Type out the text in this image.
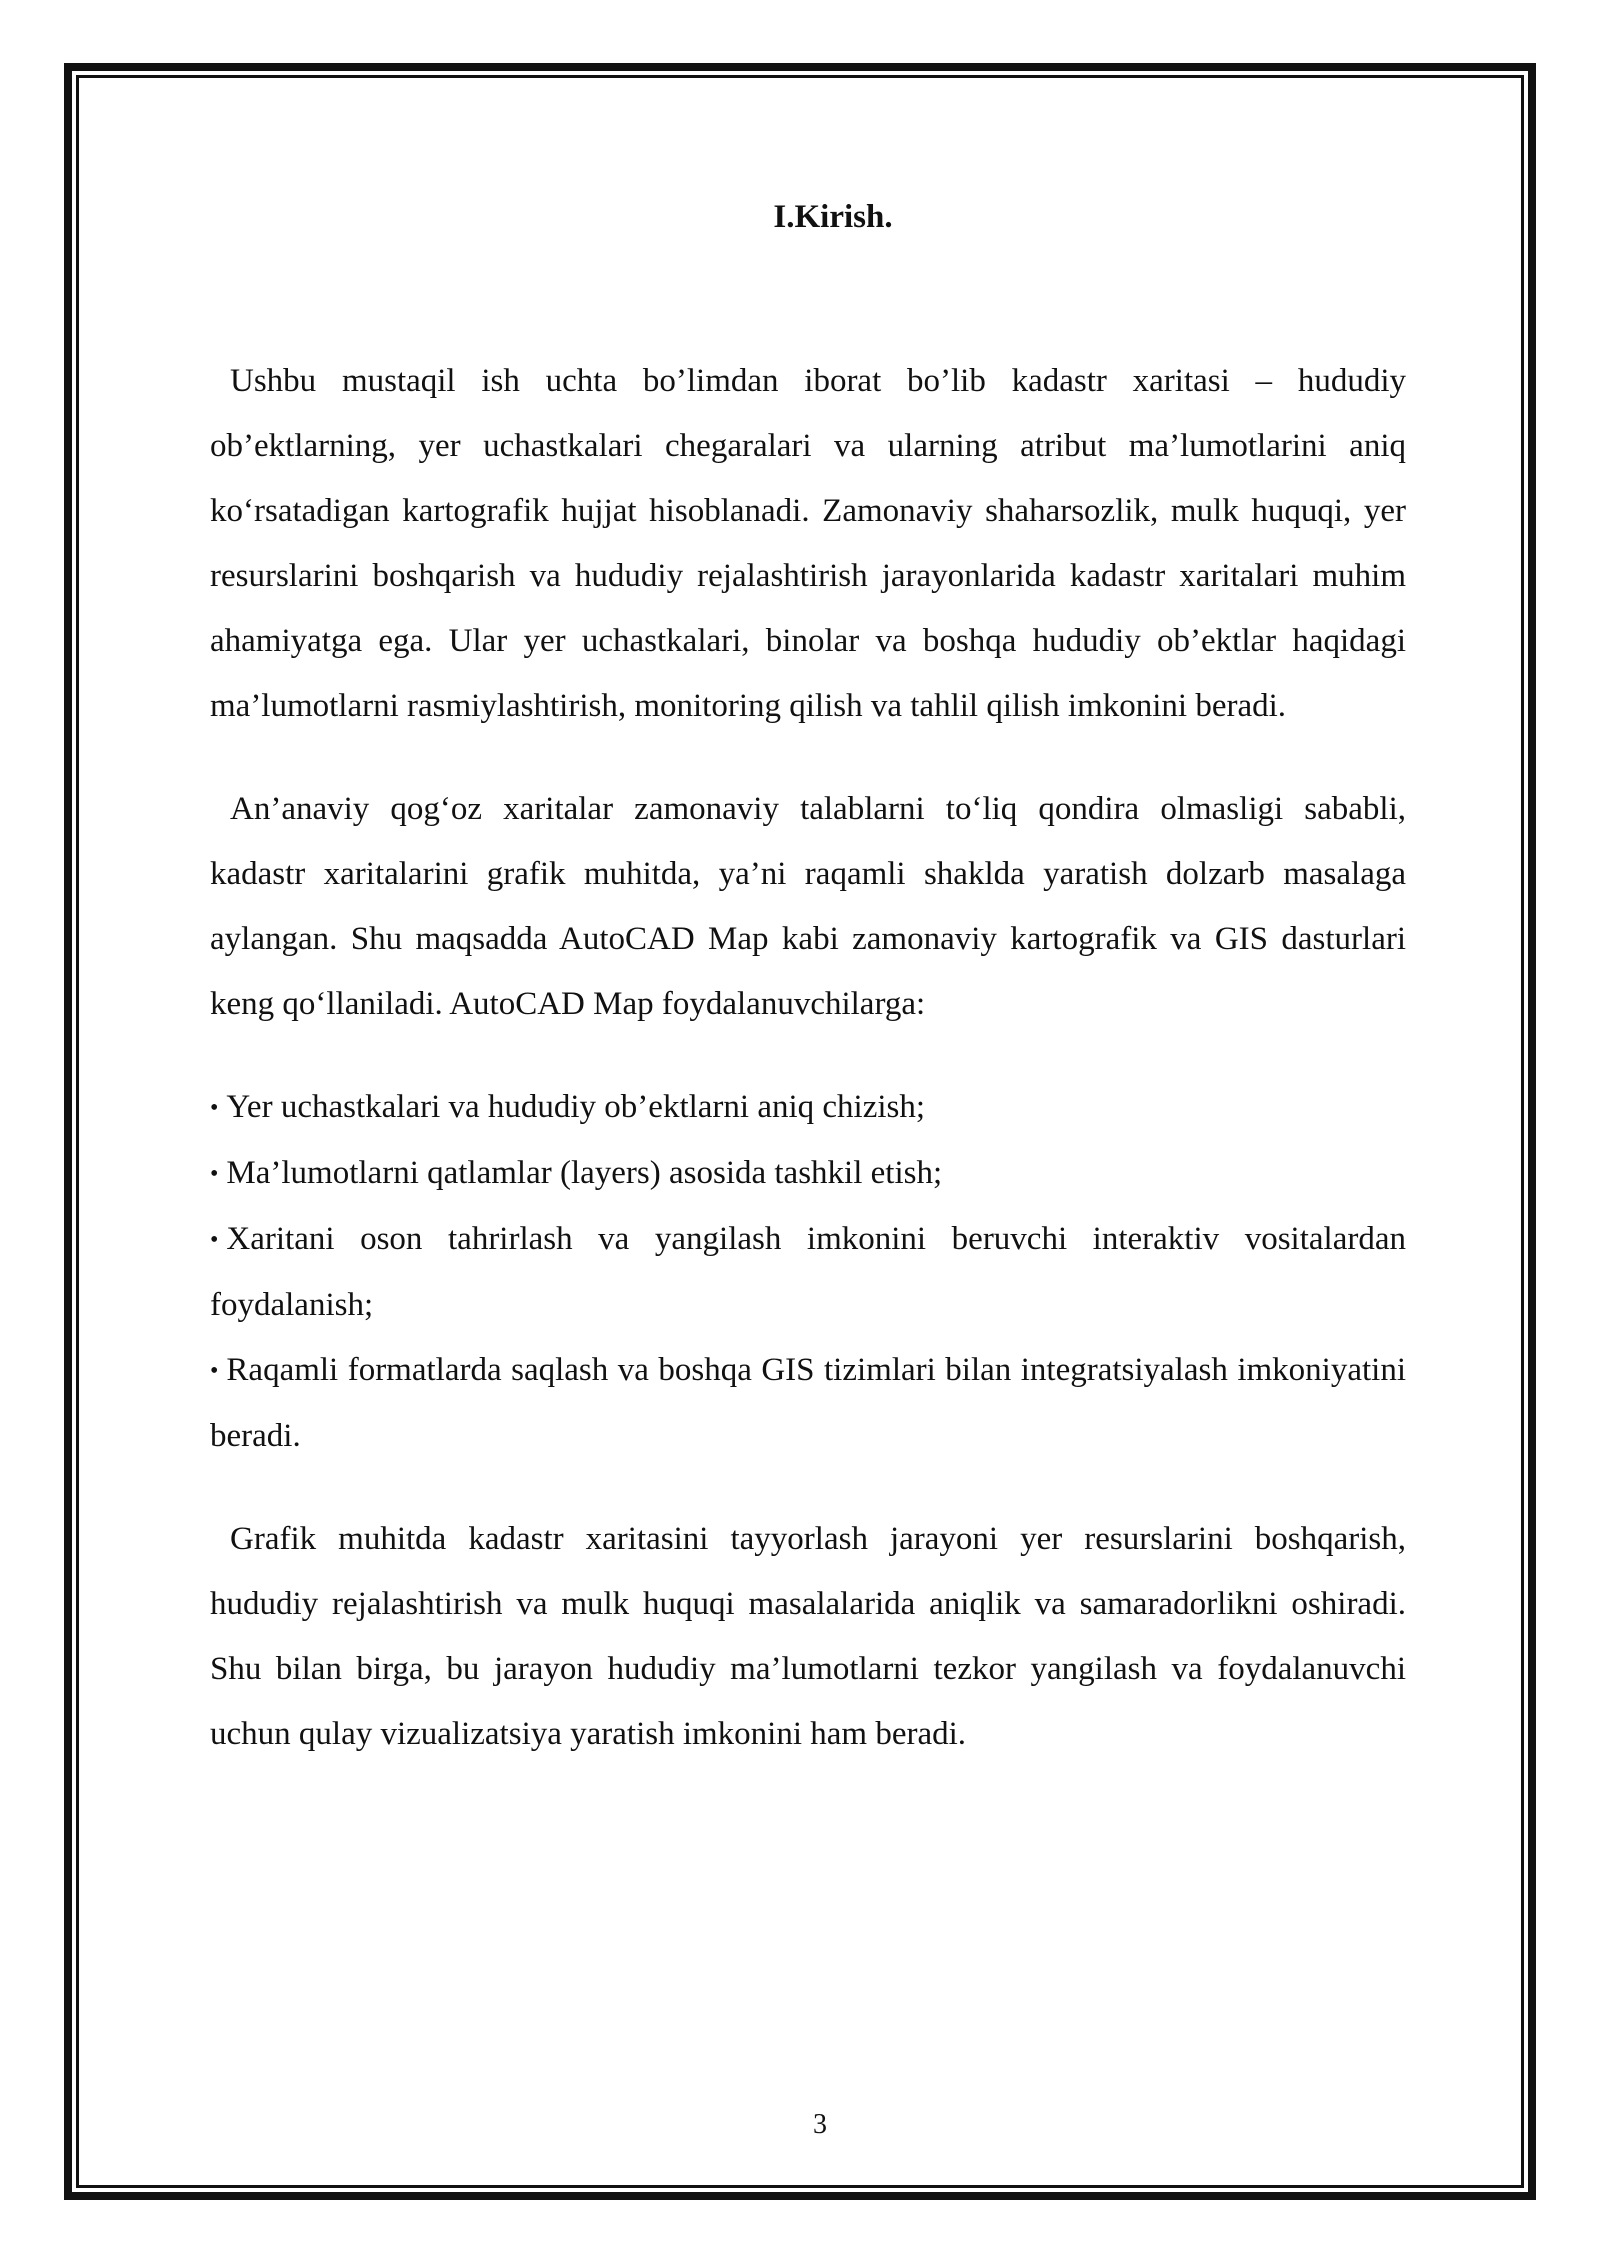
I.Kirish.

Ushbu mustaqil ish uchta bo’limdan iborat bo’lib kadastr xaritasi – hududiy ob’ektlarning, yer uchastkalari chegaralari va ularning atribut ma’lumotlarini aniq ko‘rsatadigan kartografik hujjat hisoblanadi. Zamonaviy shaharsozlik, mulk huquqi, yer resurslarini boshqarish va hududiy rejalashtirish jarayonlarida kadastr xaritalari muhim ahamiyatga ega. Ular yer uchastkalari, binolar va boshqa hududiy ob’ektlar haqidagi ma’lumotlarni rasmiylashtirish, monitoring qilish va tahlil qilish imkonini beradi.

An’anaviy qog‘oz xaritalar zamonaviy talablarni to‘liq qondira olmasligi sababli, kadastr xaritalarini grafik muhitda, ya’ni raqamli shaklda yaratish dolzarb masalaga aylangan. Shu maqsadda AutoCAD Map kabi zamonaviy kartografik va GIS dasturlari keng qo‘llaniladi. AutoCAD Map foydalanuvchilarga:

• Yer uchastkalari va hududiy ob’ektlarni aniq chizish;
• Ma’lumotlarni qatlamlar (layers) asosida tashkil etish;
• Xaritani oson tahrirlash va yangilash imkonini beruvchi interaktiv vositalardan foydalanish;
• Raqamli formatlarda saqlash va boshqa GIS tizimlari bilan integratsiyalash imkoniyatini beradi.

Grafik muhitda kadastr xaritasini tayyorlash jarayoni yer resurslarini boshqarish, hududiy rejalashtirish va mulk huquqi masalalarida aniqlik va samaradorlikni oshiradi. Shu bilan birga, bu jarayon hududiy ma’lumotlarni tezkor yangilash va foydalanuvchi uchun qulay vizualizatsiya yaratish imkonini ham beradi.

3
